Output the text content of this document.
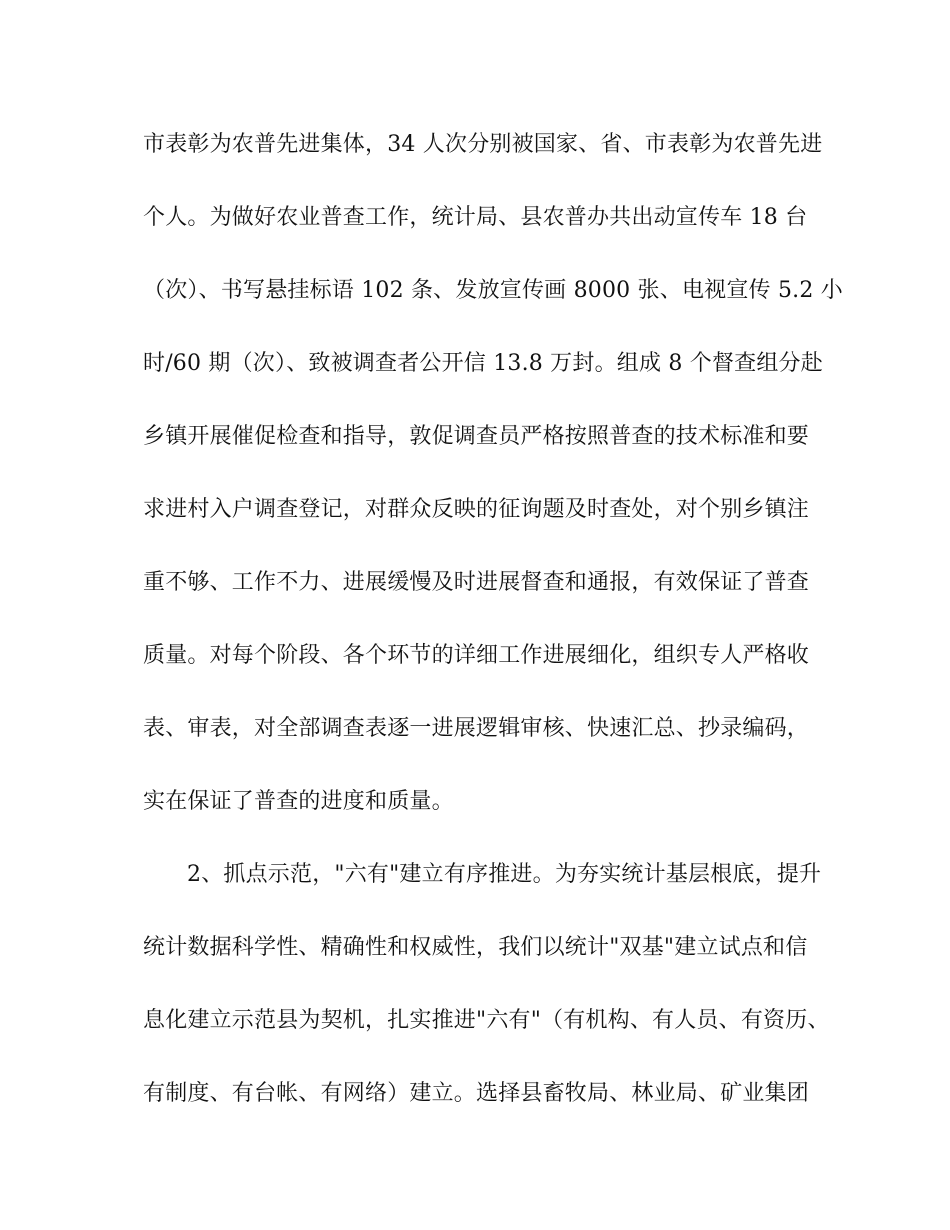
市表彰为农普先进集体，34 人次分别被国家、省、市表彰为农普先进
个人。为做好农业普查工作，统计局、县农普办共出动宣传车 18 台
（次）、书写悬挂标语 102 条、发放宣传画 8000 张、电视宣传 5.2 小
时/60 期（次）、致被调查者公开信 13.8 万封。组成 8 个督查组分赴
乡镇开展催促检查和指导，敦促调查员严格按照普查的技术标准和要
求进村入户调查登记，对群众反映的征询题及时查处，对个别乡镇注
重不够、工作不力、进展缓慢及时进展督查和通报，有效保证了普查
质量。对每个阶段、各个环节的详细工作进展细化，组织专人严格收
表、审表，对全部调查表逐一进展逻辑审核、快速汇总、抄录编码，
实在保证了普查的进度和质量。
2、抓点示范，"六有"建立有序推进。为夯实统计基层根底，提升
统计数据科学性、精确性和权威性，我们以统计"双基"建立试点和信
息化建立示范县为契机，扎实推进"六有"（有机构、有人员、有资历、
有制度、有台帐、有网络）建立。选择县畜牧局、林业局、矿业集团
